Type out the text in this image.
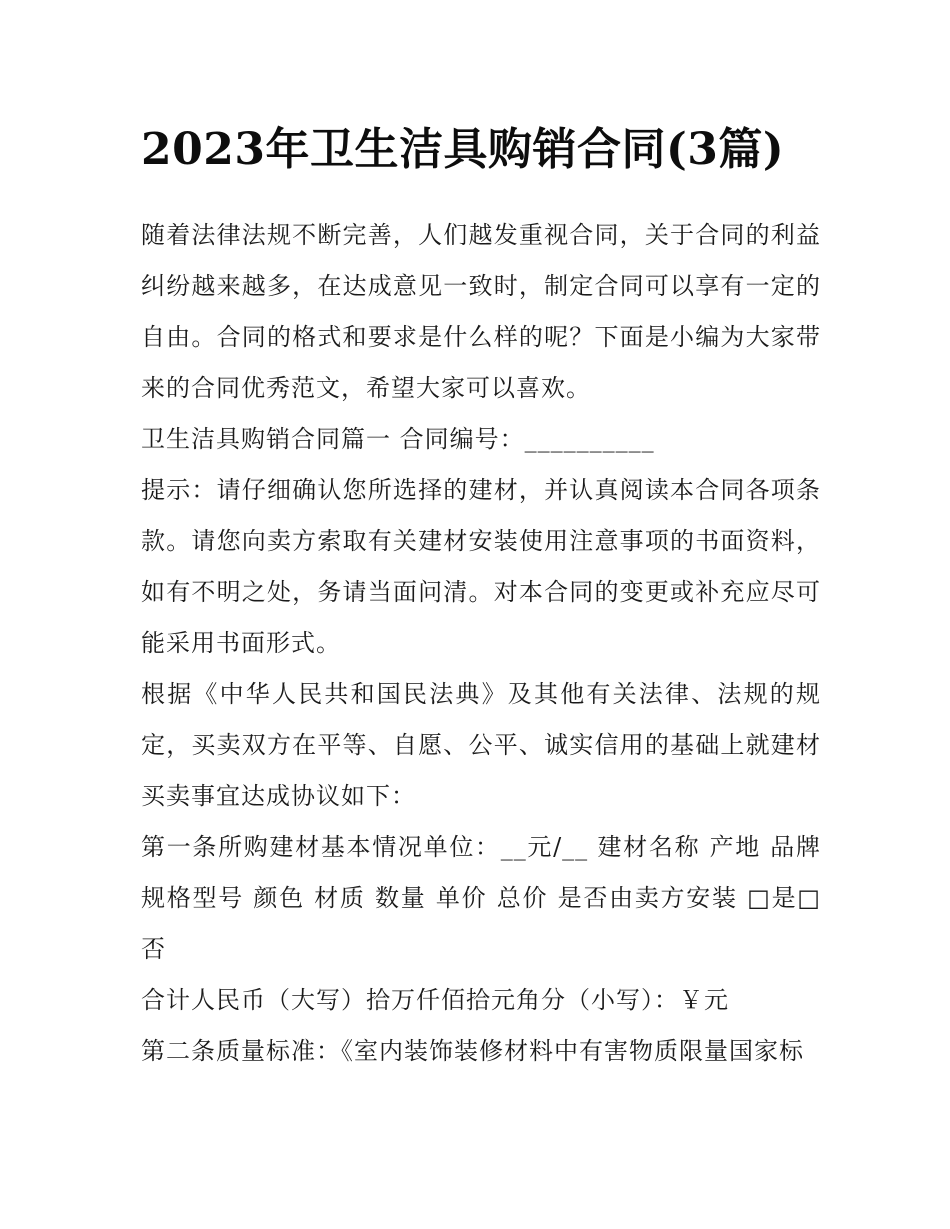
2023年卫生洁具购销合同(3篇)

随着法律法规不断完善，人们越发重视合同，关于合同的利益纠纷越来越多，在达成意见一致时，制定合同可以享有一定的自由。合同的格式和要求是什么样的呢？下面是小编为大家带来的合同优秀范文，希望大家可以喜欢。

卫生洁具购销合同篇一 合同编号：__________

提示：请仔细确认您所选择的建材，并认真阅读本合同各项条款。请您向卖方索取有关建材安装使用注意事项的书面资料，如有不明之处，务请当面问清。对本合同的变更或补充应尽可能采用书面形式。

根据《中华人民共和国民法典》及其他有关法律、法规的规定，买卖双方在平等、自愿、公平、诚实信用的基础上就建材买卖事宜达成协议如下：

第一条所购建材基本情况单位：__元/__ 建材名称 产地 品牌 规格型号 颜色 材质 数量 单价 总价 是否由卖方安装 □是□否

合计人民币（大写）拾万仟佰拾元角分（小写）：￥元

第二条质量标准：《室内装饰装修材料中有害物质限量国家标
